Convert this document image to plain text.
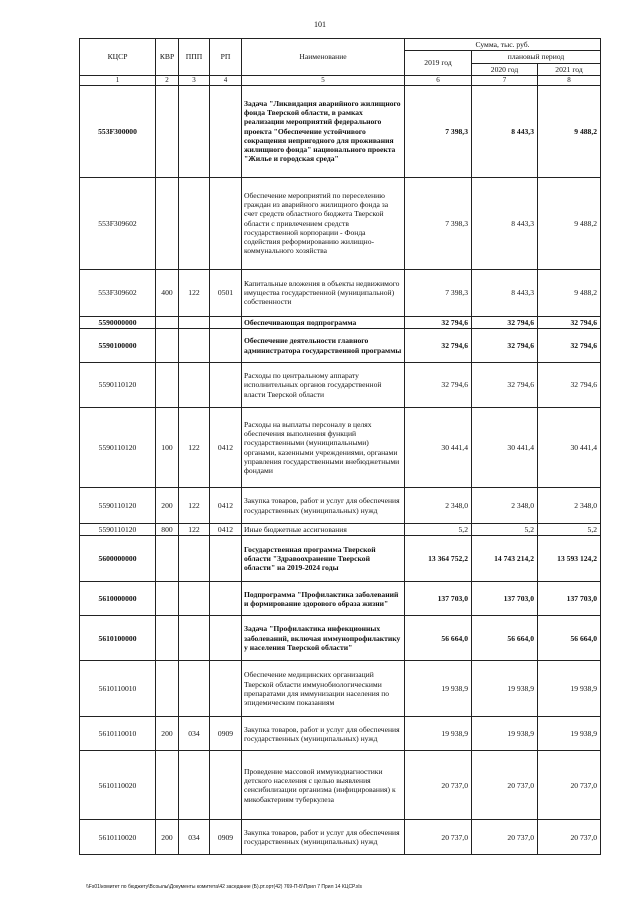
101
КЦСР	КВР	ППП	РП	Наименование	Сумма, тыс. руб.		
					2019 год	плановый период	
						2020 год	2021 год
1	2	3	4	5	6	7	8
553F300000				Задача "Ликвидация аварийного жилищного фонда Тверской области, в рамках реализации мероприятий федерального проекта "Обеспечение устойчивого сокращения непригодного для проживания жилищного фонда" национального проекта "Жилье и городская среда"	7 398,3	8 443,3	9 488,2
553F309602				Обеспечение мероприятий по переселению граждан из аварийного жилищного фонда за счет средств областного бюджета Тверской области с привлечением средств государственной корпорации - Фонда содействия реформированию жилищно-коммунального хозяйства	7 398,3	8 443,3	9 488,2
553F309602	400	122	0501	Капитальные вложения в объекты недвижимого имущества государственной (муниципальной) собственности	7 398,3	8 443,3	9 488,2
5590000000				Обеспечивающая подпрограмма	32 794,6	32 794,6	32 794,6
5590100000				Обеспечение деятельности главного администратора государственной программы	32 794,6	32 794,6	32 794,6
5590110120				Расходы по центральному аппарату исполнительных органов государственной власти Тверской области	32 794,6	32 794,6	32 794,6
5590110120	100	122	0412	Расходы на выплаты персоналу в целях обеспечения выполнения функций государственными (муниципальными) органами, казенными учреждениями, органами управления государственными внебюджетными фондами	30 441,4	30 441,4	30 441,4
5590110120	200	122	0412	Закупка товаров, работ и услуг для обеспечения государственных (муниципальных) нужд	2 348,0	2 348,0	2 348,0
5590110120	800	122	0412	Иные бюджетные ассигнования	5,2	5,2	5,2
5600000000				Государственная программа Тверской области "Здравоохранение Тверской области" на 2019-2024 годы	13 364 752,2	14 743 214,2	13 593 124,2
5610000000				Подпрограмма "Профилактика заболеваний и формирование здорового образа жизни"	137 703,0	137 703,0	137 703,0
5610100000				Задача "Профилактика инфекционных заболеваний, включая иммунопрофилактику у населения Тверской области"	56 664,0	56 664,0	56 664,0
5610110010				Обеспечение медицинских организаций Тверской области иммунобиологическими препаратами для иммунизации населения по эпидемическим показаниям	19 938,9	19 938,9	19 938,9
5610110010	200	034	0909	Закупка товаров, работ и услуг для обеспечения государственных (муниципальных) нужд	19 938,9	19 938,9	19 938,9
5610110020				Проведение массовой иммунодиагностики детского населения с целью выявления сенсибилизации организма (инфицирования) к микобактериям туберкулеза	20 737,0	20 737,0	20 737,0
5610110020	200	034	0909	Закупка товаров, работ и услуг для обеспечения государственных (муниципальных) нужд	20 737,0	20 737,0	20 737,0
\\Fs01\комитет по бюджету\Всоылы\Документы комитета\42 заседание (Б).рт.орт(42) 769-П-Б\Прил 7 Прил 14 КЦСР.xls
